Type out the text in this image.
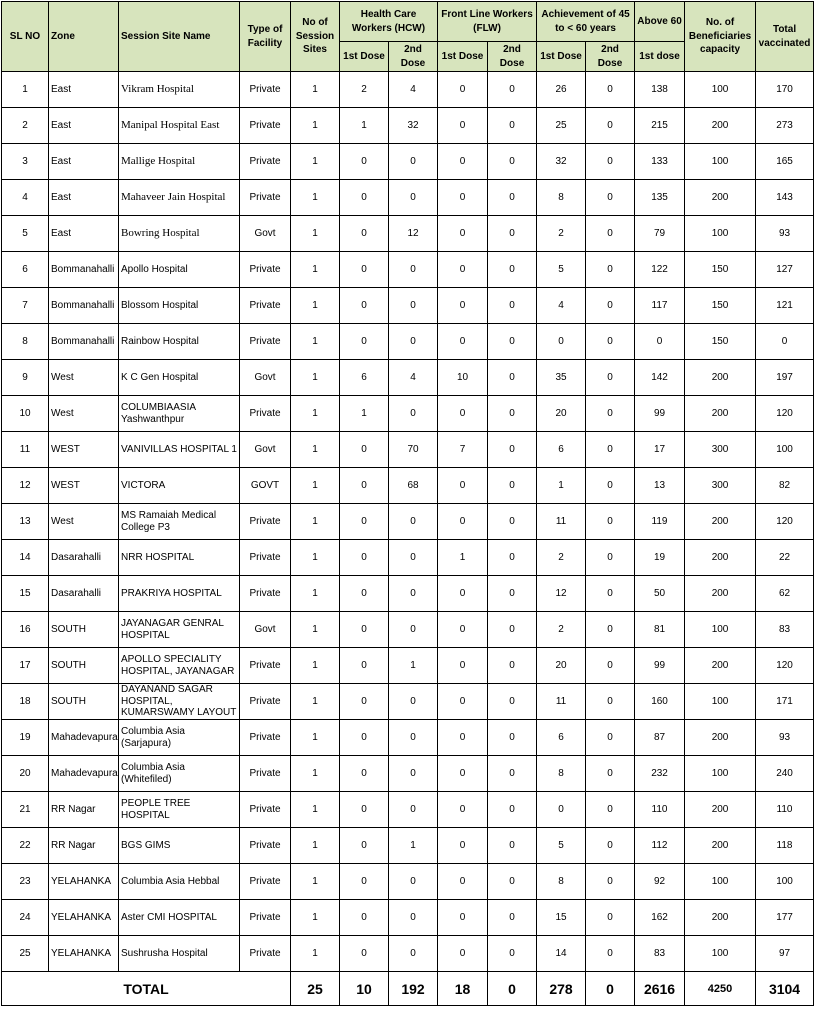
SL NO	Zone	Session Site Name	Type of Facility	No of Session Sites	Health Care Workers (HCW)		Front Line Workers (FLW)		Achievement of 45 to < 60 years		Above 60	No. of Beneficiaries capacity	Total vaccinated
					1st Dose	2nd Dose	1st Dose	2nd Dose	1st Dose	2nd Dose	1st dose		
1	East	Vikram Hospital	Private	1	2	4	0	0	26	0	138	100	170
2	East	Manipal Hospital East	Private	1	1	32	0	0	25	0	215	200	273
3	East	Mallige Hospital	Private	1	0	0	0	0	32	0	133	100	165
4	East	Mahaveer Jain Hospital	Private	1	0	0	0	0	8	0	135	200	143
5	East	Bowring Hospital	Govt	1	0	12	0	0	2	0	79	100	93
6	Bommanahalli	Apollo Hospital	Private	1	0	0	0	0	5	0	122	150	127
7	Bommanahalli	Blossom Hospital	Private	1	0	0	0	0	4	0	117	150	121
8	Bommanahalli	Rainbow Hospital	Private	1	0	0	0	0	0	0	0	150	0
9	West	K C Gen Hospital	Govt	1	6	4	10	0	35	0	142	200	197
10	West	COLUMBIAASIA Yashwanthpur	Private	1	1	0	0	0	20	0	99	200	120
11	WEST	VANIVILLAS HOSPITAL 1	Govt	1	0	70	7	0	6	0	17	300	100
12	WEST	VICTORA	GOVT	1	0	68	0	0	1	0	13	300	82
13	West	MS Ramaiah Medical College P3	Private	1	0	0	0	0	11	0	119	200	120
14	Dasarahalli	NRR HOSPITAL	Private	1	0	0	1	0	2	0	19	200	22
15	Dasarahalli	PRAKRIYA HOSPITAL	Private	1	0	0	0	0	12	0	50	200	62
16	SOUTH	JAYANAGAR GENRAL HOSPITAL	Govt	1	0	0	0	0	2	0	81	100	83
17	SOUTH	APOLLO SPECIALITY HOSPITAL, JAYANAGAR	Private	1	0	1	0	0	20	0	99	200	120
18	SOUTH	DAYANAND SAGAR HOSPITAL, KUMARSWAMY LAYOUT	Private	1	0	0	0	0	11	0	160	100	171
19	Mahadevapura	Columbia Asia (Sarjapura)	Private	1	0	0	0	0	6	0	87	200	93
20	Mahadevapura	Columbia Asia (Whitefiled)	Private	1	0	0	0	0	8	0	232	100	240
21	RR Nagar	PEOPLE TREE HOSPITAL	Private	1	0	0	0	0	0	0	110	200	110
22	RR Nagar	BGS GIMS	Private	1	0	1	0	0	5	0	112	200	118
23	YELAHANKA	Columbia Asia Hebbal	Private	1	0	0	0	0	8	0	92	100	100
24	YELAHANKA	Aster CMI HOSPITAL	Private	1	0	0	0	0	15	0	162	200	177
25	YELAHANKA	Sushrusha Hospital	Private	1	0	0	0	0	14	0	83	100	97
TOTAL				25	10	192	18	0	278	0	2616	4250	3104
